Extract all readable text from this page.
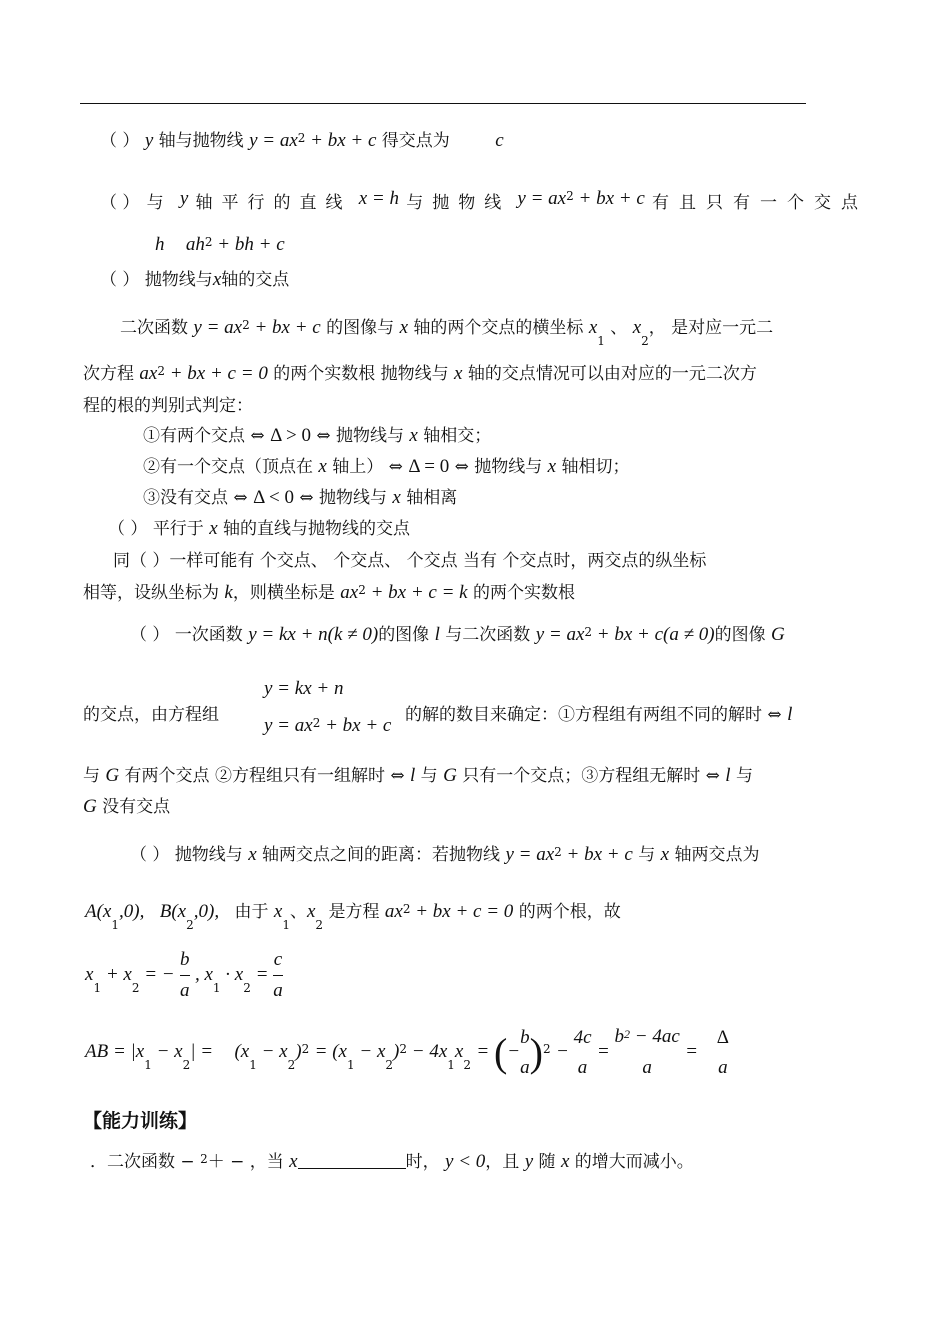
（ ） y 轴与抛物线 $y = ax^2$ + bx + c 得交点为 c
（ ） 与 y 轴平行的直线 x = h 与抛物线 $y = ax^2$ + bx + c 有且只有一个交点
h $ah^2$ + bh + c
（ ） 抛物线与x轴的交点
二次函数 $y = ax^2$ + bx + c 的图像与 x 轴的两个交点的横坐标 $x_1$ 、 $x_2$， 是对应一元二
次方程 $ax^2$ + bx + c = 0 的两个实数根 抛物线与 x 轴的交点情况可以由对应的一元二次方
程的根的判别式判定：
①有两个交点 ⇔ Δ > 0 ⇔ 抛物线与 x 轴相交；
②有一个交点（顶点在 x 轴上） ⇔ Δ = 0 ⇔ 抛物线与 x 轴相切；
③没有交点 ⇔ Δ < 0 ⇔ 抛物线与 x 轴相离
（ ） 平行于 x 轴的直线与抛物线的交点
同（ ）一样可能有 个交点、 个交点、 个交点 当有 个交点时，两交点的纵坐标
相等，设纵坐标为 k，则横坐标是 $ax^2$ + bx + c = k 的两个实数根
（ ） 一次函数 y = kx + n(k ≠ 0)的图像 l 与二次函数 $y = ax^2$ + bx + c(a ≠ 0)的图像 G
y = kx + n
的交点，由方程组 $y = ax^2$ + bx + c 的解的数目来确定：①方程组有两组不同的解时 ⇔ l
与 G 有两个交点 ②方程组只有一组解时 ⇔ l 与 G 只有一个交点；③方程组无解时 ⇔ l 与
G 没有交点
（ ） 抛物线与 x 轴两交点之间的距离：若抛物线 $y = ax^2$ + bx + c 与 x 轴两交点为
$A(x_1,0)$, $B(x_2,0)$, 由于 $x_1$、$x_2$ 是方程 $ax^2$ + bx + c = 0 的两个根，故
$x_1 + x_2$ = − $\frac{b}{a}$ , $x_1 \cdot x_2 = \frac{c}{a}$
AB = $|x_1 - x_2| = (x_1 - x_2)^2 = (x_1 - x_2)^2 - 4x_1x_2$ = (−
b
a )$^2$ −
4c
a
=
$b^2 - 4ac$
a
=
Δ
a
【能力训练】
．二次函数 − $^2$＋ − ，当 x	时， y < 0，且 y 随 x 的增大而减小。
